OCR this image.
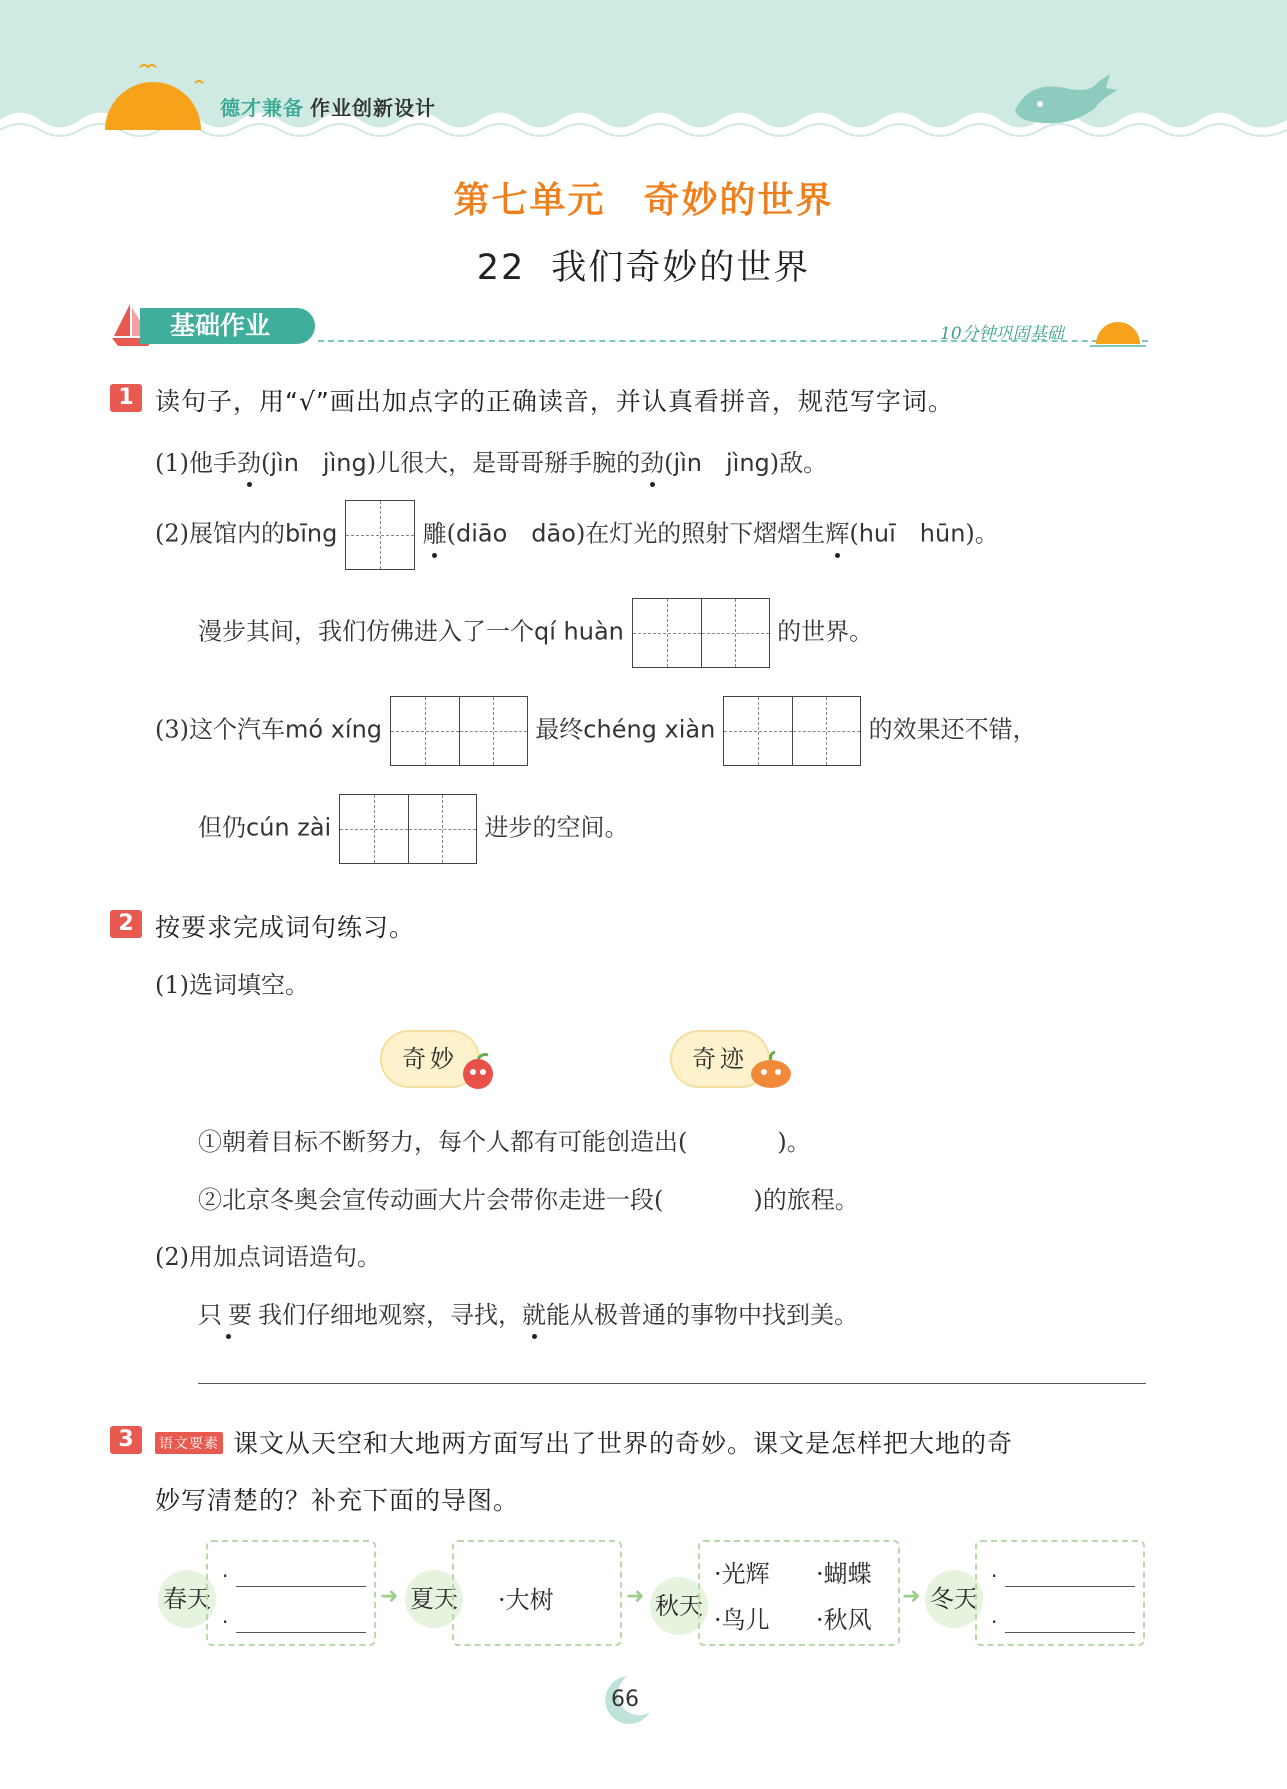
德才兼备 作业创新设计
第七单元　奇妙的世界
22 我们奇妙的世界
基础作业	10分钟巩固基础
1 读句子，用“√”画出加点字的正确读音，并认真看拼音，规范写字词。
(1)他手劲(jìn　jìng)儿很大，是哥哥掰手腕的劲(jìn　jìng)敌。
(2)展馆内的bīng	雕(diāo　dāo)在灯光的照射下熠熠生辉(huī　hūn)。
漫步其间，我们仿佛进入了一个qí huàn	的世界。
(3)这个汽车mó xíng	最终chéng xiàn	的效果还不错，
但仍cún zài	进步的空间。
2 按要求完成词句练习。
(1)选词填空。
奇妙	奇迹
①朝着目标不断努力，每个人都有可能创造出(	)。
②北京冬奥会宣传动画大片会带你走进一段(	)的旅程。
(2)用加点词语造句。
只要我们仔细地观察，寻找，就能从极普通的事物中找到美。
3	语文要素 课文从天空和大地两方面写出了世界的奇妙。课文是怎样把大地的奇
妙写清楚的？补充下面的导图。
春天
·
·
➜ 夏天 ·大树	➜ 秋天
·光辉 ·蝴蝶
·鸟儿 ·秋风
➜ 冬天
·
·
66
